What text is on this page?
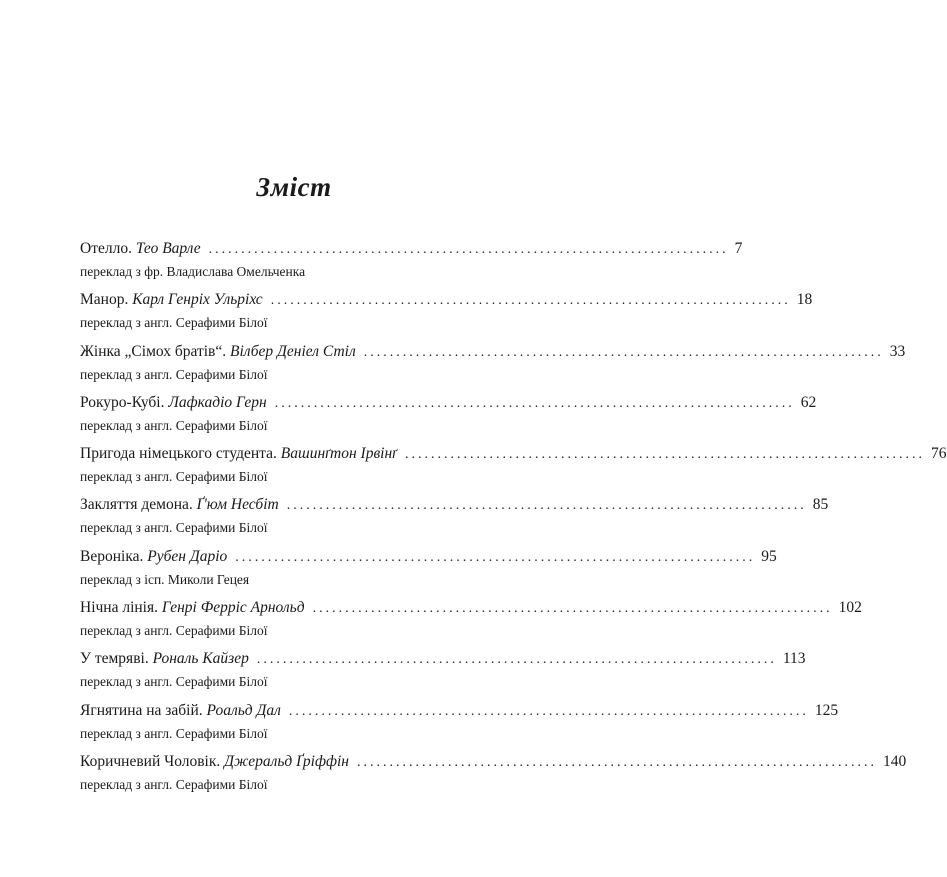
Зміст
Отелло. Тео Варле ................................................................................ 7
переклад з фр. Владислава Омельченка
Манор. Карл Генріх Ульріхс ................................................................................ 18
переклад з англ. Серафими Білої
Жінка „Сімох братів“. Вілбер Деніел Стіл ................................................................................ 33
переклад з англ. Серафими Білої
Рокуро-Кубі. Лафкадіо Герн ................................................................................ 62
переклад з англ. Серафими Білої
Пригода німецького студента. Вашинґтон Ірвінґ ................................................................................ 76
переклад з англ. Серафими Білої
Закляття демона. Ґ'юм Несбіт ................................................................................ 85
переклад з англ. Серафими Білої
Вероніка. Рубен Даріо ................................................................................ 95
переклад з ісп. Миколи Гецея
Нічна лінія. Генрі Ферріс Арнольд ................................................................................ 102
переклад з англ. Серафими Білої
У темряві. Рональ Кайзер ................................................................................ 113
переклад з англ. Серафими Білої
Ягнятина на забій. Роальд Дал ................................................................................ 125
переклад з англ. Серафими Білої
Коричневий Чоловік. Джеральд Ґріффін ................................................................................ 140
переклад з англ. Серафими Білої
